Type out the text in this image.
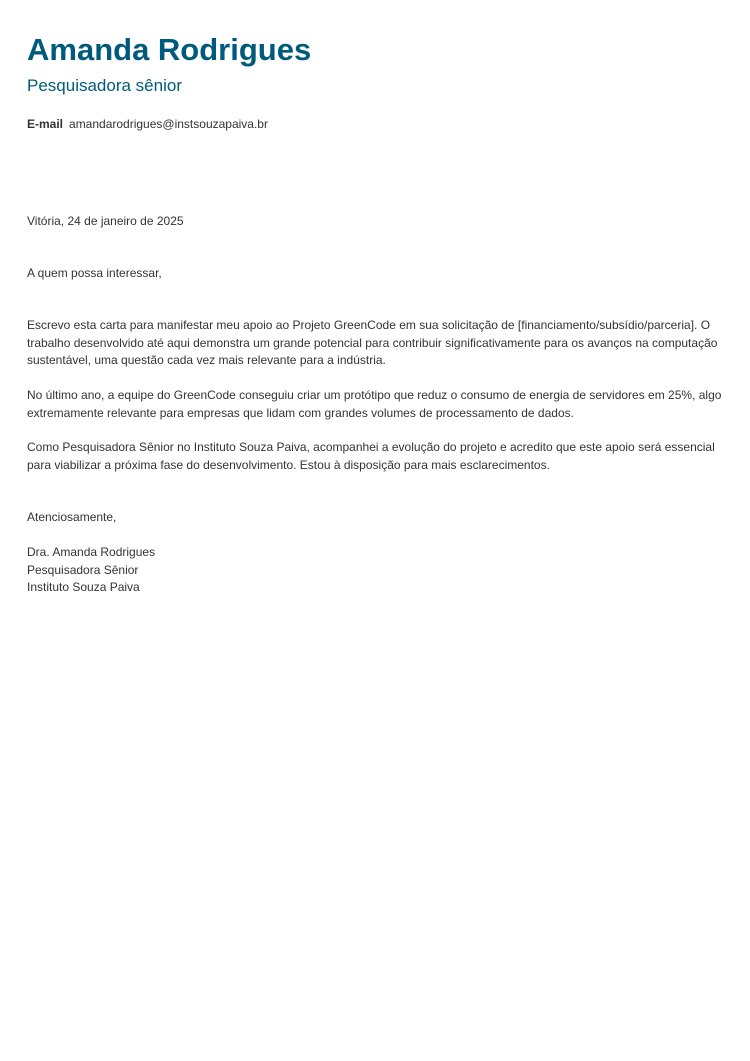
Amanda Rodrigues
Pesquisadora sênior
E-mail amandarodrigues@instsouzapaiva.br
Vitória, 24 de janeiro de 2025
A quem possa interessar,

Escrevo esta carta para manifestar meu apoio ao Projeto GreenCode em sua solicitação de [financiamento/subsídio/parceria]. O trabalho desenvolvido até aqui demonstra um grande potencial para contribuir significativamente para os avanços na computação sustentável, uma questão cada vez mais relevante para a indústria.

No último ano, a equipe do GreenCode conseguiu criar um protótipo que reduz o consumo de energia de servidores em 25%, algo extremamente relevante para empresas que lidam com grandes volumes de processamento de dados.

Como Pesquisadora Sênior no Instituto Souza Paiva, acompanhei a evolução do projeto e acredito que este apoio será essencial para viabilizar a próxima fase do desenvolvimento. Estou à disposição para mais esclarecimentos.

Atenciosamente,
Dra. Amanda Rodrigues
Pesquisadora Sênior
Instituto Souza Paiva
